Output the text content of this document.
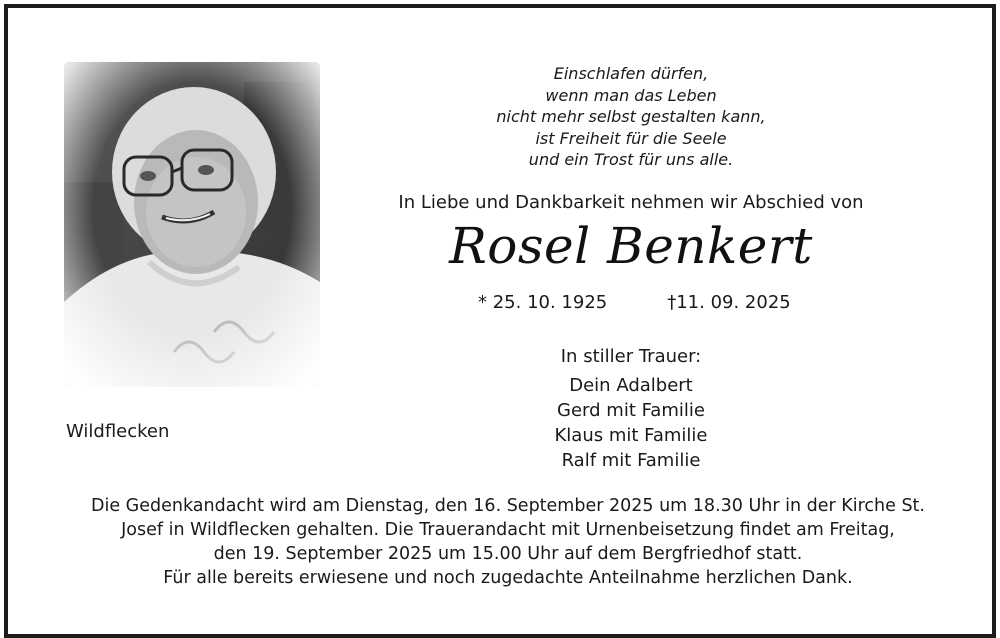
Wildflecken
Einschlafen dürfen,
wenn man das Leben
nicht mehr selbst gestalten kann,
ist Freiheit für die Seele
und ein Trost für uns alle.
In Liebe und Dankbarkeit nehmen wir Abschied von
Rosel Benkert
* 25. 10. 1925	†11. 09. 2025
In stiller Trauer:
Dein Adalbert
Gerd mit Familie
Klaus mit Familie
Ralf mit Familie
Die Gedenkandacht wird am Dienstag, den 16. September 2025 um 18.30 Uhr in der Kirche St.
Josef in Wildflecken gehalten. Die Trauerandacht mit Urnenbeisetzung findet am Freitag,
den 19. September 2025 um 15.00 Uhr auf dem Bergfriedhof statt.
Für alle bereits erwiesene und noch zugedachte Anteilnahme herzlichen Dank.
